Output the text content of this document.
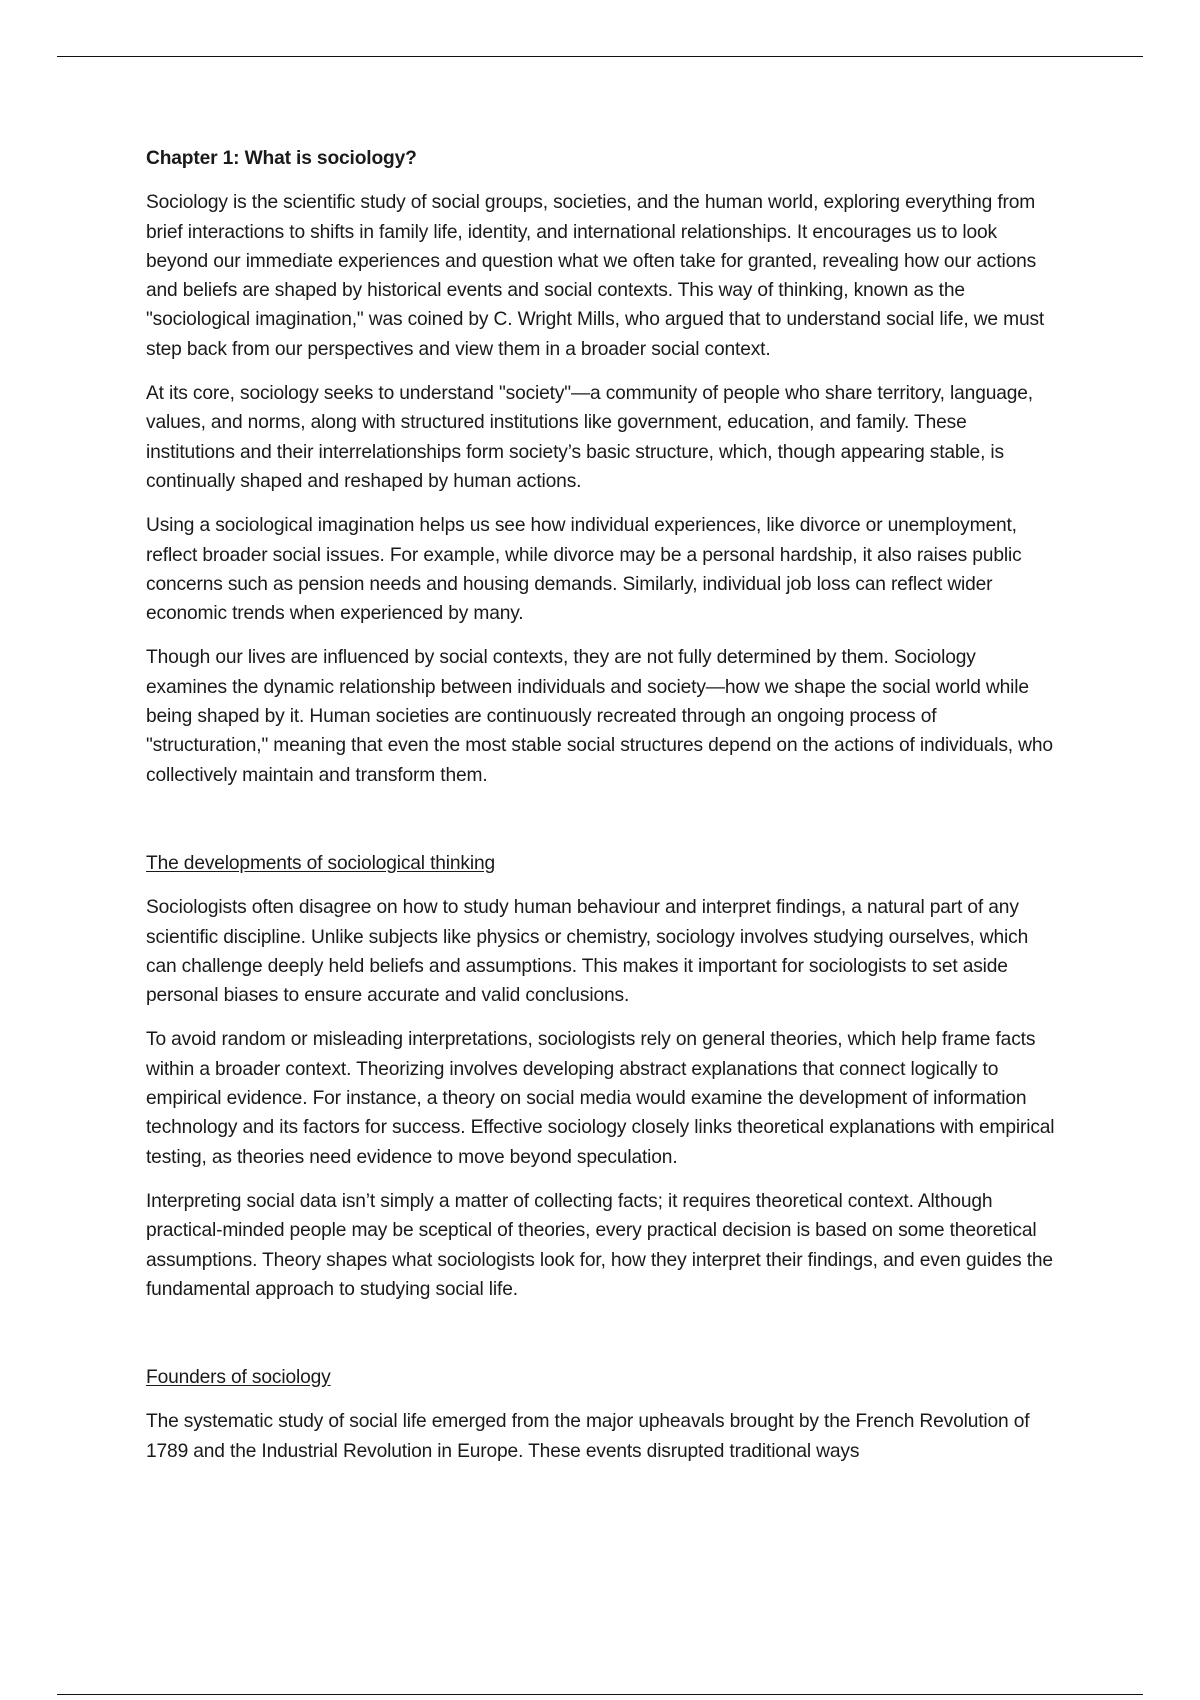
Chapter 1: What is sociology?

Sociology is the scientific study of social groups, societies, and the human world, exploring everything from brief interactions to shifts in family life, identity, and international relationships. It encourages us to look beyond our immediate experiences and question what we often take for granted, revealing how our actions and beliefs are shaped by historical events and social contexts. This way of thinking, known as the "sociological imagination," was coined by C. Wright Mills, who argued that to understand social life, we must step back from our perspectives and view them in a broader social context.

At its core, sociology seeks to understand "society"—a community of people who share territory, language, values, and norms, along with structured institutions like government, education, and family. These institutions and their interrelationships form society’s basic structure, which, though appearing stable, is continually shaped and reshaped by human actions.

Using a sociological imagination helps us see how individual experiences, like divorce or unemployment, reflect broader social issues. For example, while divorce may be a personal hardship, it also raises public concerns such as pension needs and housing demands. Similarly, individual job loss can reflect wider economic trends when experienced by many.

Though our lives are influenced by social contexts, they are not fully determined by them. Sociology examines the dynamic relationship between individuals and society—how we shape the social world while being shaped by it. Human societies are continuously recreated through an ongoing process of "structuration," meaning that even the most stable social structures depend on the actions of individuals, who collectively maintain and transform them.

The developments of sociological thinking

Sociologists often disagree on how to study human behaviour and interpret findings, a natural part of any scientific discipline. Unlike subjects like physics or chemistry, sociology involves studying ourselves, which can challenge deeply held beliefs and assumptions. This makes it important for sociologists to set aside personal biases to ensure accurate and valid conclusions.

To avoid random or misleading interpretations, sociologists rely on general theories, which help frame facts within a broader context. Theorizing involves developing abstract explanations that connect logically to empirical evidence. For instance, a theory on social media would examine the development of information technology and its factors for success. Effective sociology closely links theoretical explanations with empirical testing, as theories need evidence to move beyond speculation.

Interpreting social data isn’t simply a matter of collecting facts; it requires theoretical context. Although practical-minded people may be sceptical of theories, every practical decision is based on some theoretical assumptions. Theory shapes what sociologists look for, how they interpret their findings, and even guides the fundamental approach to studying social life.

Founders of sociology

The systematic study of social life emerged from the major upheavals brought by the French Revolution of 1789 and the Industrial Revolution in Europe. These events disrupted traditional ways
